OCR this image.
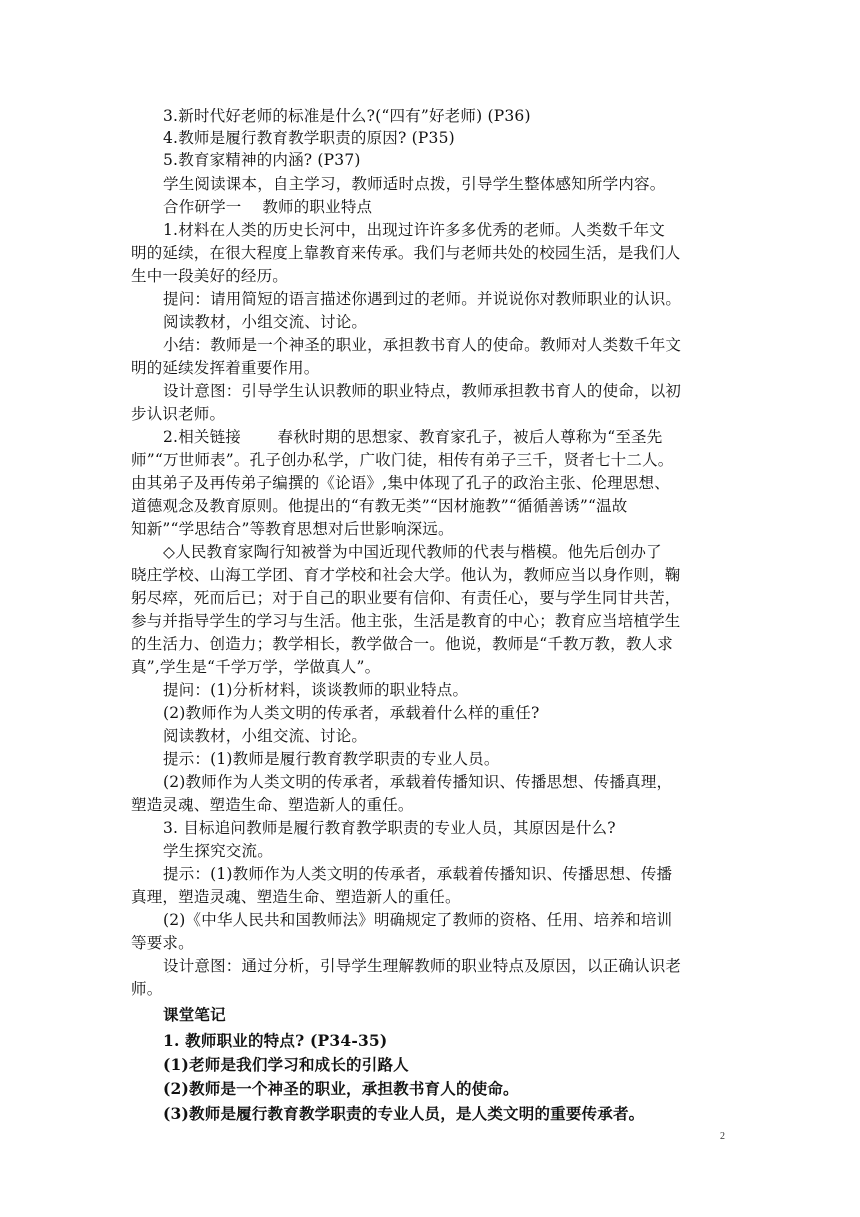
3.新时代好老师的标准是什么?(“四有”好老师) (P36)
4.教师是履行教育教学职责的原因? (P35)
5.教育家精神的内涵? (P37)
学生阅读课本，自主学习，教师适时点拨，引导学生整体感知所学内容。
合作研学一　 教师的职业特点
1.材料在人类的历史长河中，出现过许许多多优秀的老师。人类数千年文
明的延续，在很大程度上靠教育来传承。我们与老师共处的校园生活，是我们人
生中一段美好的经历。
提问：请用简短的语言描述你遇到过的老师。并说说你对教师职业的认识。
阅读教材，小组交流、讨论。
小结：教师是一个神圣的职业，承担教书育人的使命。教师对人类数千年文
明的延续发挥着重要作用。
设计意图：引导学生认识教师的职业特点，教师承担教书育人的使命，以初
步认识老师。
2.相关链接　　 春秋时期的思想家、教育家孔子，被后人尊称为“至圣先
师”“万世师表”。孔子创办私学，广收门徒，相传有弟子三千，贤者七十二人。
由其弟子及再传弟子编撰的《论语》,集中体现了孔子的政治主张、伦理思想、
道德观念及教育原则。他提出的“有教无类”“因材施教”“循循善诱”“温故
知新”“学思结合”等教育思想对后世影响深远。
◇人民教育家陶行知被誉为中国近现代教师的代表与楷模。他先后创办了
晓庄学校、山海工学团、育才学校和社会大学。他认为，教师应当以身作则，鞠
躬尽瘁，死而后已；对于自己的职业要有信仰、有责任心，要与学生同甘共苦，
参与并指导学生的学习与生活。他主张，生活是教育的中心；教育应当培植学生
的生活力、创造力；教学相长，教学做合一。他说，教师是“千教万教，教人求
真”,学生是“千学万学，学做真人”。
提问：(1)分析材料，谈谈教师的职业特点。
(2)教师作为人类文明的传承者，承载着什么样的重任?
阅读教材，小组交流、讨论。
提示：(1)教师是履行教育教学职责的专业人员。
(2)教师作为人类文明的传承者，承载着传播知识、传播思想、传播真理，
塑造灵魂、塑造生命、塑造新人的重任。
3. 目标追问教师是履行教育教学职责的专业人员，其原因是什么?
学生探究交流。
提示：(1)教师作为人类文明的传承者，承载着传播知识、传播思想、传播
真理，塑造灵魂、塑造生命、塑造新人的重任。
(2)《中华人民共和国教师法》明确规定了教师的资格、任用、培养和培训
等要求。
设计意图：通过分析，引导学生理解教师的职业特点及原因，以正确认识老
师。
课堂笔记
1. 教师职业的特点? (P34-35)
(1)老师是我们学习和成长的引路人
(2)教师是一个神圣的职业，承担教书育人的使命。
(3)教师是履行教育教学职责的专业人员，是人类文明的重要传承者。
2
